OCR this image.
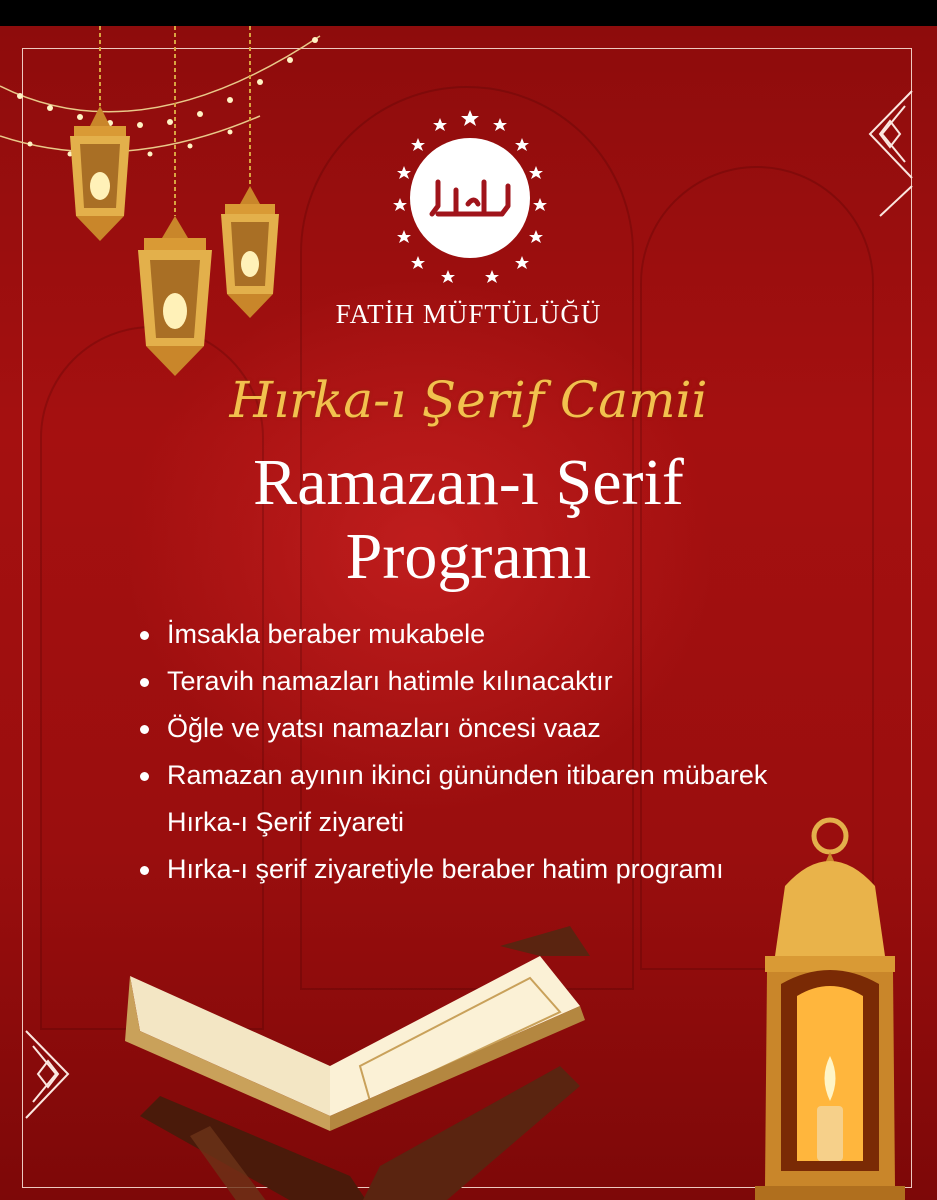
FATİH MÜFTÜLÜĞÜ
Hırka-ı Şerif Camii
Ramazan-ı Şerif
Programı
İmsakla beraber mukabele
Teravih namazları hatimle kılınacaktır
Öğle ve yatsı namazları öncesi vaaz
Ramazan ayının ikinci gününden itibaren mübarek Hırka-ı Şerif ziyareti
Hırka-ı şerif ziyaretiyle beraber hatim programı
